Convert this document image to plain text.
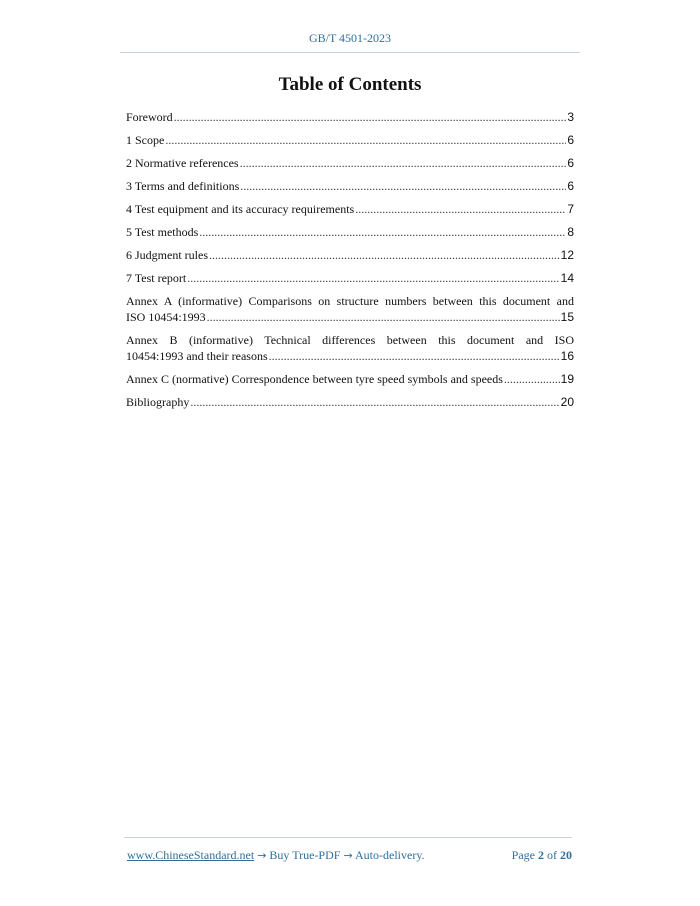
GB/T 4501-2023
Table of Contents
Foreword .....	3
1 Scope .....	6
2 Normative references .....	6
3 Terms and definitions .....	6
4 Test equipment and its accuracy requirements .....	7
5 Test methods .....	8
6 Judgment rules .....	12
7 Test report .....	14
Annex A (informative) Comparisons on structure numbers between this document and
ISO 10454:1993 .....	15
Annex B (informative) Technical differences between this document and ISO
10454:1993 and their reasons .....	16
Annex C (normative) Correspondence between tyre speed symbols and speeds .....	19
Bibliography .....	20
www.ChineseStandard.net → Buy True-PDF → Auto-delivery.	Page 2 of 20
